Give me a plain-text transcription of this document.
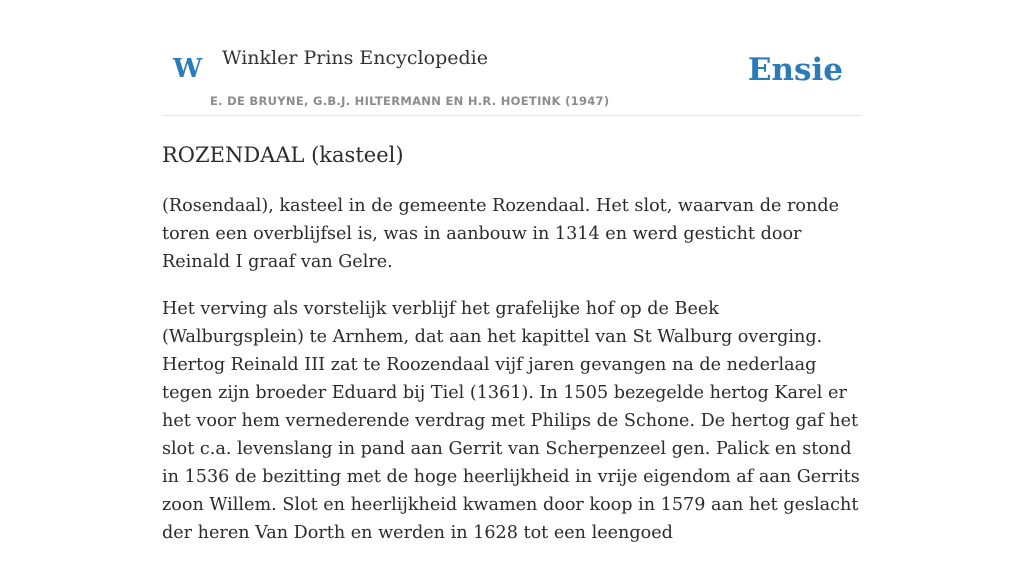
W Winkler Prins Encyclopedie
E. DE BRUYNE, G.B.J. HILTERMANN EN H.R. HOETINK (1947)
Ensie
ROZENDAAL (kasteel)

(Rosendaal), kasteel in de gemeente Rozendaal. Het slot, waarvan de ronde toren een overblijfsel is, was in aanbouw in 1314 en werd gesticht door Reinald I graaf van Gelre.

Het verving als vorstelijk verblijf het grafelijke hof op de Beek (Walburgsplein) te Arnhem, dat aan het kapittel van St Walburg overging. Hertog Reinald III zat te Roozendaal vijf jaren gevangen na de nederlaag tegen zijn broeder Eduard bij Tiel (1361). In 1505 bezegelde hertog Karel er het voor hem vernederende verdrag met Philips de Schone. De hertog gaf het slot c.a. levenslang in pand aan Gerrit van Scherpenzeel gen. Palick en stond in 1536 de bezitting met de hoge heerlijkheid in vrije eigendom af aan Gerrits zoon Willem. Slot en heerlijkheid kwamen door koop in 1579 aan het geslacht der heren Van Dorth en werden in 1628 tot een leengoed
